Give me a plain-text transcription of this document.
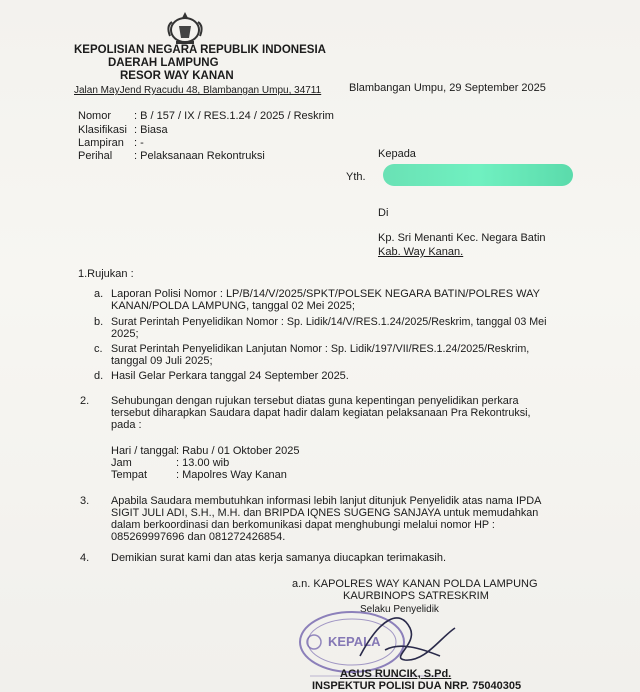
KEPOLISIAN NEGARA REPUBLIK INDONESIA
DAERAH LAMPUNG
RESOR WAY KANAN
Jalan MayJend Ryacudu 48, Blambangan Umpu, 34711	Blambangan Umpu, 29 September 2025
Nomor : B / 157 / IX / RES.1.24 / 2025 / Reskrim
Klasifikasi : Biasa
Lampiran : -
Perihal : Pelaksanaan Rekontruksi	Kepada
Yth.
Di
Kp. Sri Menanti Kec. Negara Batin
Kab. Way Kanan.
1.Rujukan :
a. Laporan Polisi Nomor : LP/B/14/V/2025/SPKT/POLSEK NEGARA BATIN/POLRES WAY
KANAN/POLDA LAMPUNG, tanggal 02 Mei 2025;
b. Surat Perintah Penyelidikan Nomor : Sp. Lidik/14/V/RES.1.24/2025/Reskrim, tanggal 03 Mei
2025;
c. Surat Perintah Penyelidikan Lanjutan Nomor : Sp. Lidik/197/VII/RES.1.24/2025/Reskrim,
tanggal 09 Juli 2025;
d. Hasil Gelar Perkara tanggal 24 September 2025.
2. Sehubungan dengan rujukan tersebut diatas guna kepentingan penyelidikan perkara
tersebut diharapkan Saudara dapat hadir dalam kegiatan pelaksanaan Pra Rekontruksi,
pada :
Hari / tanggal : Rabu / 01 Oktober 2025
Jam	: 13.00 wib
Tempat	: Mapolres Way Kanan
3. Apabila Saudara membutuhkan informasi lebih lanjut ditunjuk Penyelidik atas nama IPDA
SIGIT JULI ADI, S.H., M.H. dan BRIPDA IQNES SUGENG SANJAYA untuk memudahkan
dalam berkoordinasi dan berkomunikasi dapat menghubungi melalui nomor HP :
085269997696 dan 081272426854.
4. Demikian surat kami dan atas kerja samanya diucapkan terimakasih.
a.n. KAPOLRES WAY KANAN POLDA LAMPUNG
KAURBINOPS SATRESKRIM
Selaku Penyelidik
KEPALA
AGUS RUNCIK, S.Pd.
INSPEKTUR POLISI DUA NRP. 75040305
